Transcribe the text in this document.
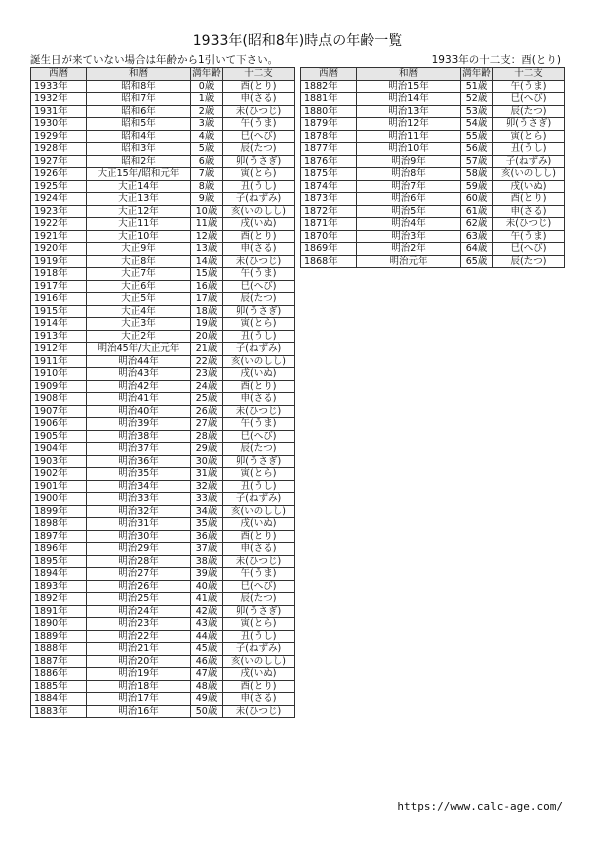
1933年(昭和8年)時点の年齢一覧
誕生日が来ていない場合は年齢から1引いて下さい。	1933年の十二支：酉(とり)
西暦	和暦	満年齢	十二支
1933年	昭和8年	0歳	酉(とり)
1932年	昭和7年	1歳	申(さる)
1931年	昭和6年	2歳	未(ひつじ)
1930年	昭和5年	3歳	午(うま)
1929年	昭和4年	4歳	巳(へび)
1928年	昭和3年	5歳	辰(たつ)
1927年	昭和2年	6歳	卯(うさぎ)
1926年	大正15年/昭和元年	7歳	寅(とら)
1925年	大正14年	8歳	丑(うし)
1924年	大正13年	9歳	子(ねずみ)
1923年	大正12年	10歳	亥(いのしし)
1922年	大正11年	11歳	戌(いぬ)
1921年	大正10年	12歳	酉(とり)
1920年	大正9年	13歳	申(さる)
1919年	大正8年	14歳	未(ひつじ)
1918年	大正7年	15歳	午(うま)
1917年	大正6年	16歳	巳(へび)
1916年	大正5年	17歳	辰(たつ)
1915年	大正4年	18歳	卯(うさぎ)
1914年	大正3年	19歳	寅(とら)
1913年	大正2年	20歳	丑(うし)
1912年	明治45年/大正元年	21歳	子(ねずみ)
1911年	明治44年	22歳	亥(いのしし)
1910年	明治43年	23歳	戌(いぬ)
1909年	明治42年	24歳	酉(とり)
1908年	明治41年	25歳	申(さる)
1907年	明治40年	26歳	未(ひつじ)
1906年	明治39年	27歳	午(うま)
1905年	明治38年	28歳	巳(へび)
1904年	明治37年	29歳	辰(たつ)
1903年	明治36年	30歳	卯(うさぎ)
1902年	明治35年	31歳	寅(とら)
1901年	明治34年	32歳	丑(うし)
1900年	明治33年	33歳	子(ねずみ)
1899年	明治32年	34歳	亥(いのしし)
1898年	明治31年	35歳	戌(いぬ)
1897年	明治30年	36歳	酉(とり)
1896年	明治29年	37歳	申(さる)
1895年	明治28年	38歳	未(ひつじ)
1894年	明治27年	39歳	午(うま)
1893年	明治26年	40歳	巳(へび)
1892年	明治25年	41歳	辰(たつ)
1891年	明治24年	42歳	卯(うさぎ)
1890年	明治23年	43歳	寅(とら)
1889年	明治22年	44歳	丑(うし)
1888年	明治21年	45歳	子(ねずみ)
1887年	明治20年	46歳	亥(いのしし)
1886年	明治19年	47歳	戌(いぬ)
1885年	明治18年	48歳	酉(とり)
1884年	明治17年	49歳	申(さる)
1883年	明治16年	50歳	未(ひつじ)
西暦	和暦	満年齢	十二支
1882年	明治15年	51歳	午(うま)
1881年	明治14年	52歳	巳(へび)
1880年	明治13年	53歳	辰(たつ)
1879年	明治12年	54歳	卯(うさぎ)
1878年	明治11年	55歳	寅(とら)
1877年	明治10年	56歳	丑(うし)
1876年	明治9年	57歳	子(ねずみ)
1875年	明治8年	58歳	亥(いのしし)
1874年	明治7年	59歳	戌(いぬ)
1873年	明治6年	60歳	酉(とり)
1872年	明治5年	61歳	申(さる)
1871年	明治4年	62歳	未(ひつじ)
1870年	明治3年	63歳	午(うま)
1869年	明治2年	64歳	巳(へび)
1868年	明治元年	65歳	辰(たつ)
https://www.calc-age.com/
